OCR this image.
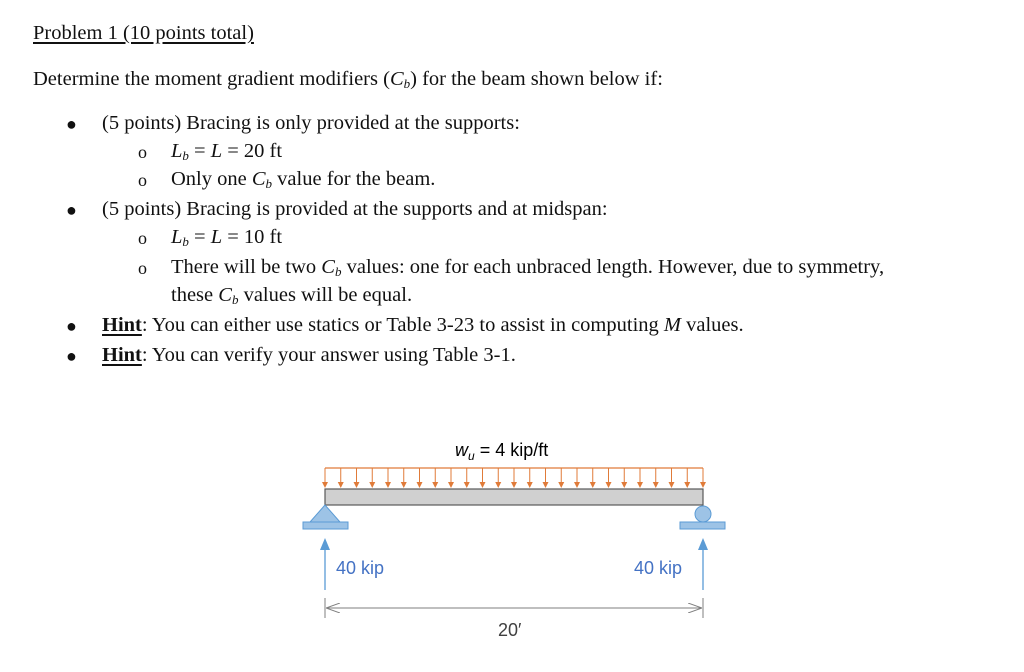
Problem 1 (10 points total)
Determine the moment gradient modifiers $(C_b)$ for the beam shown below if:
● (5 points) Bracing is only provided at the supports:
o $L_b = L = 20$ ft
o Only one $C_b$ value for the beam.
● (5 points) Bracing is provided at the supports and at midspan:
o $L_b = L = 10$ ft
o There will be two $C_b$ values: one for each unbraced length. However, due to symmetry,
these $C_b$ values will be equal.
● Hint: You can either use statics or Table 3-23 to assist in computing M values.
● Hint: You can verify your answer using Table 3-1.
$w_u = 4$ kip/ft
40 kip	40 kip
20′
